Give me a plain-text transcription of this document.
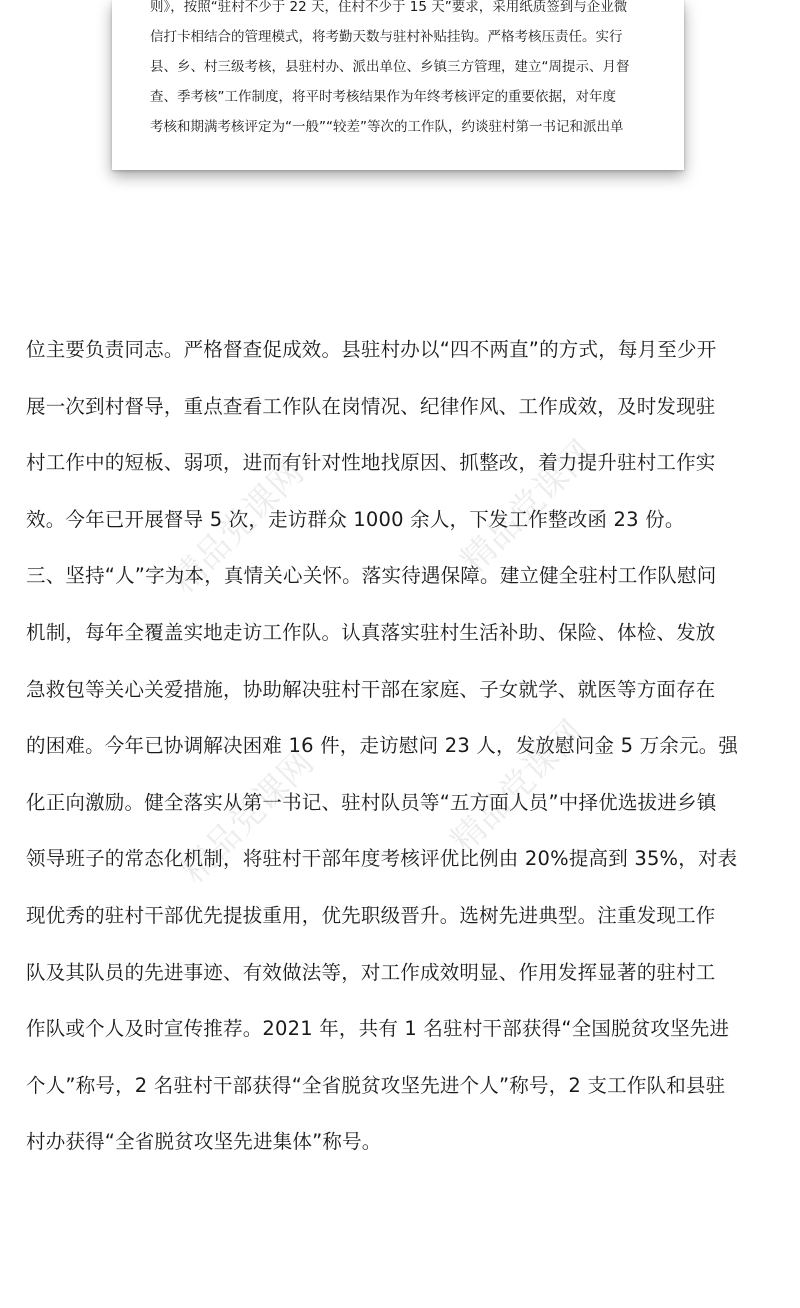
则》，按照“驻村不少于 22 天，住村不少于 15 天”要求，采用纸质签到与企业微
信打卡相结合的管理模式，将考勤天数与驻村补贴挂钩。严格考核压责任。实行
县、乡、村三级考核，县驻村办、派出单位、乡镇三方管理，建立“周提示、月督
查、季考核”工作制度，将平时考核结果作为年终考核评定的重要依据，对年度
考核和期满考核评定为“一般”“较差”等次的工作队，约谈驻村第一书记和派出单
精品党课网	精品党课网
精品党课网	精品党课网
位主要负责同志。严格督查促成效。县驻村办以“四不两直”的方式，每月至少开
展一次到村督导，重点查看工作队在岗情况、纪律作风、工作成效，及时发现驻
村工作中的短板、弱项，进而有针对性地找原因、抓整改，着力提升驻村工作实
效。今年已开展督导 5 次，走访群众 1000 余人，下发工作整改函 23 份。
三、坚持“人”字为本，真情关心关怀。落实待遇保障。建立健全驻村工作队慰问
机制，每年全覆盖实地走访工作队。认真落实驻村生活补助、保险、体检、发放
急救包等关心关爱措施，协助解决驻村干部在家庭、子女就学、就医等方面存在
的困难。今年已协调解决困难 16 件，走访慰问 23 人，发放慰问金 5 万余元。强
化正向激励。健全落实从第一书记、驻村队员等“五方面人员”中择优选拔进乡镇
领导班子的常态化机制，将驻村干部年度考核评优比例由 20%提高到 35%，对表
现优秀的驻村干部优先提拔重用，优先职级晋升。选树先进典型。注重发现工作
队及其队员的先进事迹、有效做法等，对工作成效明显、作用发挥显著的驻村工
作队或个人及时宣传推荐。2021 年，共有 1 名驻村干部获得“全国脱贫攻坚先进
个人”称号，2 名驻村干部获得“全省脱贫攻坚先进个人”称号，2 支工作队和县驻
村办获得“全省脱贫攻坚先进集体”称号。
